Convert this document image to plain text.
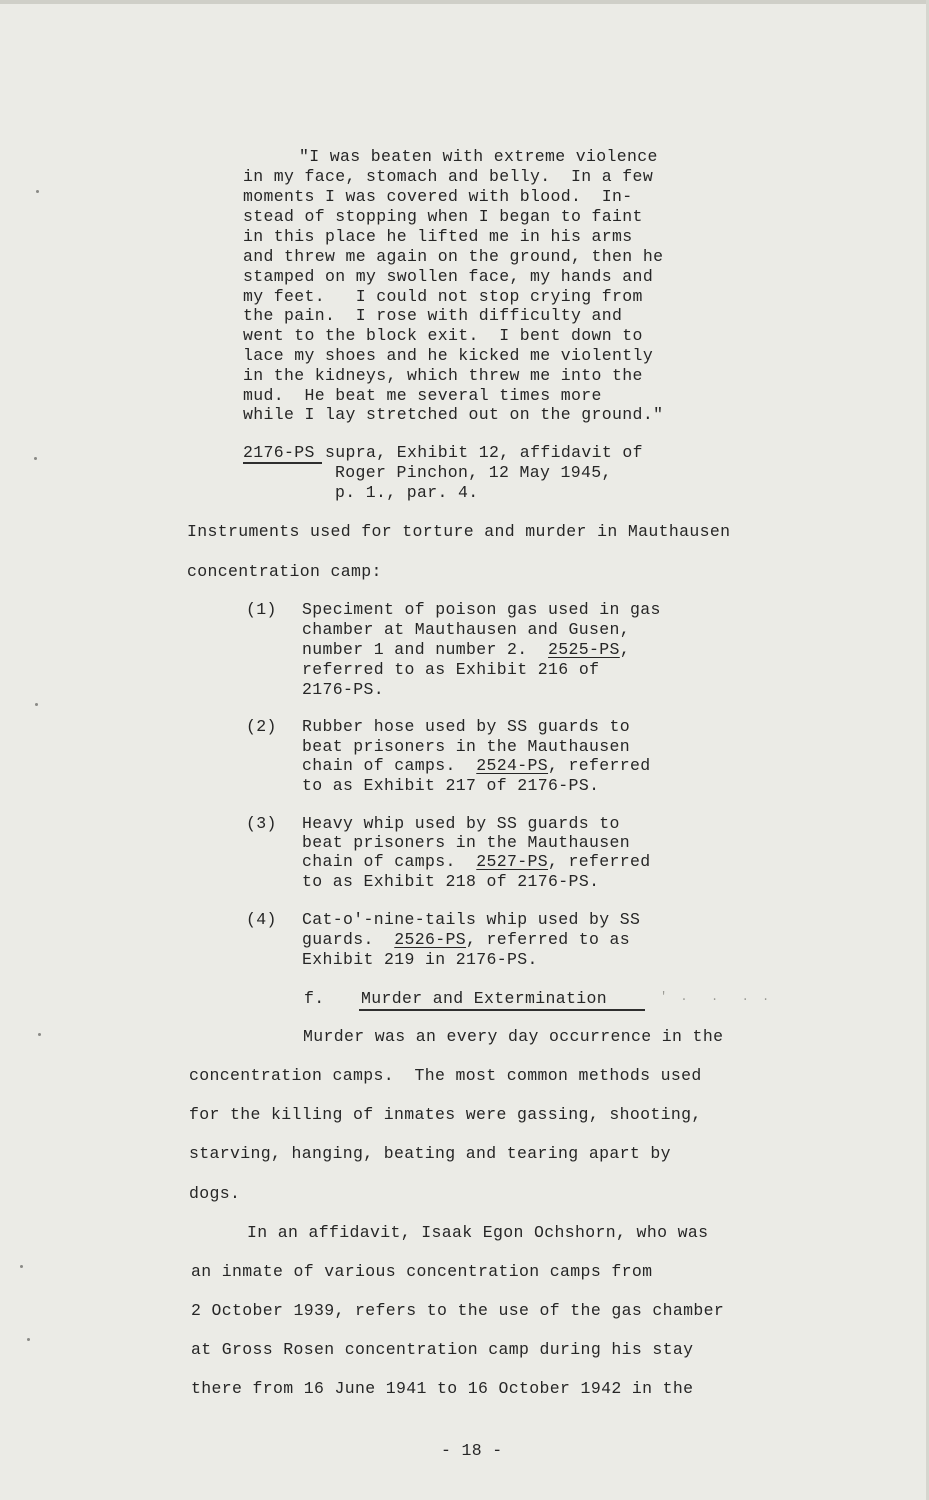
"I was beaten with extreme violence
in my face, stomach and belly.  In a few
moments I was covered with blood.  In-
stead of stopping when I began to faint
in this place he lifted me in his arms
and threw me again on the ground, then he
stamped on my swollen face, my hands and
my feet.   I could not stop crying from
the pain.  I rose with difficulty and
went to the block exit.  I bent down to
lace my shoes and he kicked me violently
in the kidneys, which threw me into the
mud.  He beat me several times more
while I lay stretched out on the ground."
2176-PS supra, Exhibit 12, affidavit of
Roger Pinchon, 12 May 1945,
p. 1., par. 4.
Instruments used for torture and murder in Mauthausen
concentration camp:
(1) Speciment of poison gas used in gas
chamber at Mauthausen and Gusen,
number 1 and number 2.  2525-PS,
referred to as Exhibit 216 of
2176-PS.
(2) Rubber hose used by SS guards to
beat prisoners in the Mauthausen
chain of camps.  2524-PS, referred
to as Exhibit 217 of 2176-PS.
(3) Heavy whip used by SS guards to
beat prisoners in the Mauthausen
chain of camps.  2527-PS, referred
to as Exhibit 218 of 2176-PS.
(4) Cat-o'-nine-tails whip used by SS
guards.  2526-PS, referred to as
Exhibit 219 in 2176-PS.
f. Murder and Extermination	' .  .  . .
Murder was an every day occurrence in the
concentration camps.  The most common methods used
for the killing of inmates were gassing, shooting,
starving, hanging, beating and tearing apart by
dogs.
In an affidavit, Isaak Egon Ochshorn, who was
an inmate of various concentration camps from
2 October 1939, refers to the use of the gas chamber
at Gross Rosen concentration camp during his stay
there from 16 June 1941 to 16 October 1942 in the
- 18 -
